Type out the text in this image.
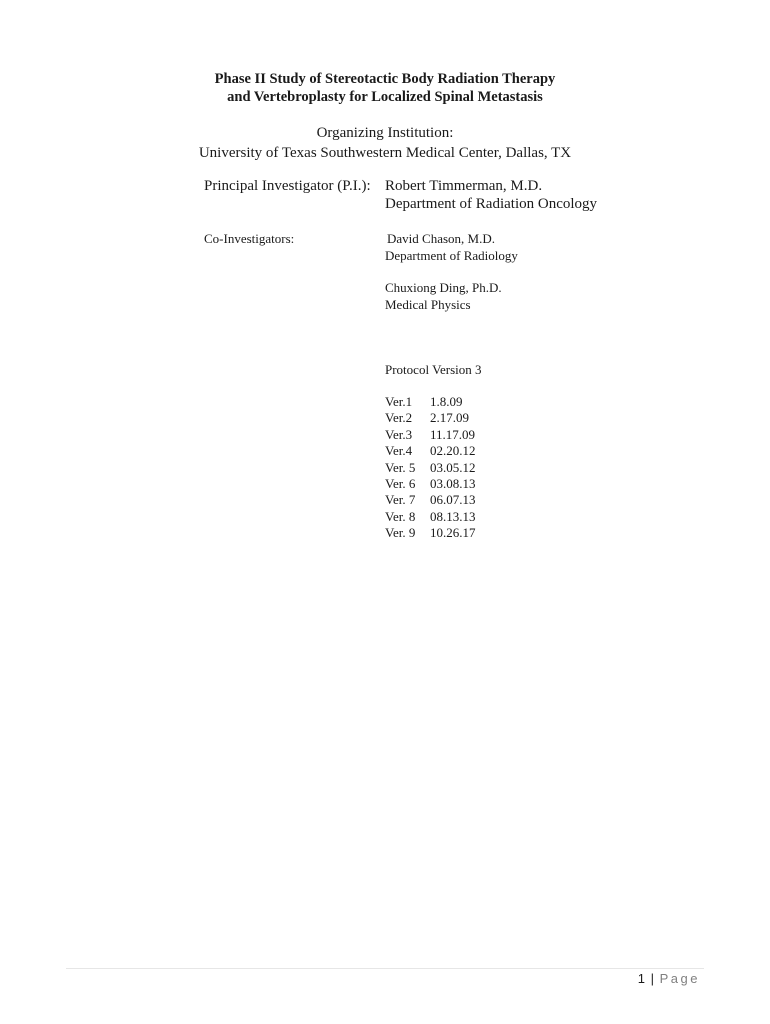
Phase II Study of Stereotactic Body Radiation Therapy
and Vertebroplasty for Localized Spinal Metastasis
Organizing Institution:
University of Texas Southwestern Medical Center, Dallas, TX
Principal Investigator (P.I.): Robert Timmerman, M.D.
Department of Radiation Oncology
Co-Investigators:	David Chason, M.D.
Department of Radiology
Chuxiong Ding, Ph.D.
Medical Physics
Protocol Version 3
Ver.1	1.8.09
Ver.2	2.17.09
Ver.3	11.17.09
Ver.4	02.20.12
Ver. 5	03.05.12
Ver. 6	03.08.13
Ver. 7	06.07.13
Ver. 8	08.13.13
Ver. 9	10.26.17
1 | Page
